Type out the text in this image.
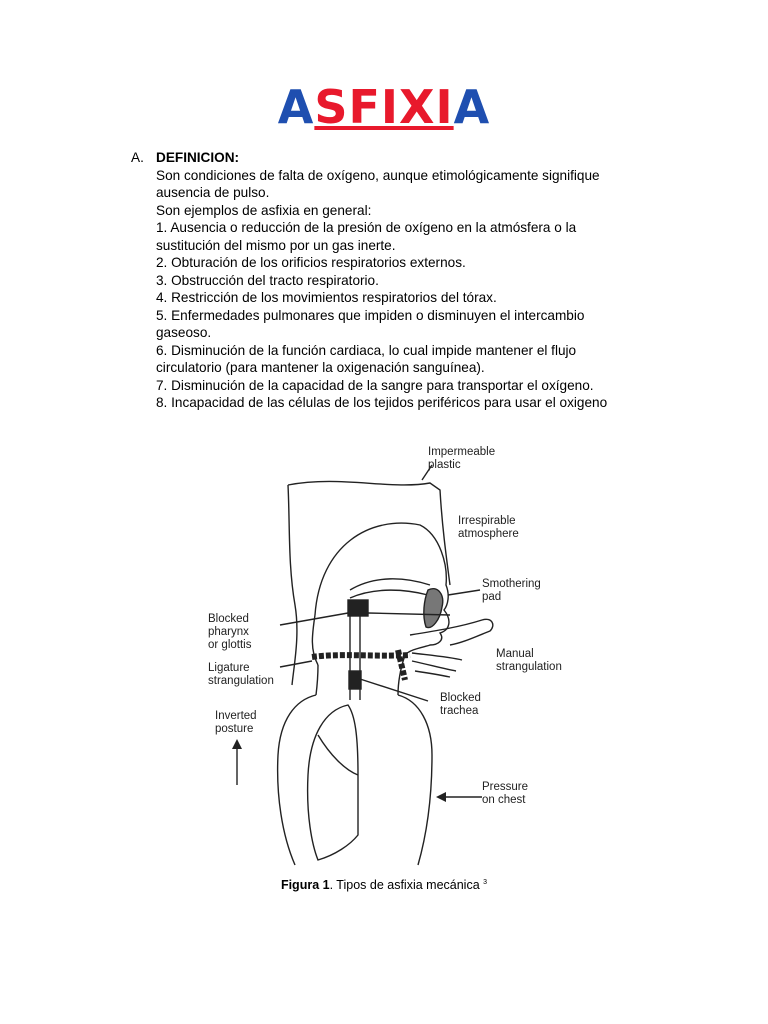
ASFIXIA
A. DEFINICION:
Son condiciones de falta de oxígeno, aunque etimológicamente signifique ausencia de pulso.
Son ejemplos de asfixia en general:
1. Ausencia o reducción de la presión de oxígeno en la atmósfera o la sustitución del mismo por un gas inerte.
2. Obturación de los orificios respiratorios externos.
3. Obstrucción del tracto respiratorio.
4. Restricción de los movimientos respiratorios del tórax.
5. Enfermedades pulmonares que impiden o disminuyen el intercambio gaseoso.
6. Disminución de la función cardiaca, lo cual impide mantener el flujo circulatorio (para mantener la oxigenación sanguínea).
7. Disminución de la capacidad de la sangre para transportar el oxígeno.
8. Incapacidad de las células de los tejidos periféricos para usar el oxigeno
Impermeable plastic
Irrespirable atmosphere
Smothering pad
Blocked pharynx or glottis
Manual strangulation
Ligature strangulation
Blocked trachea
Inverted posture
Pressure on chest
Figura 1. Tipos de asfixia mecánica $^3$
